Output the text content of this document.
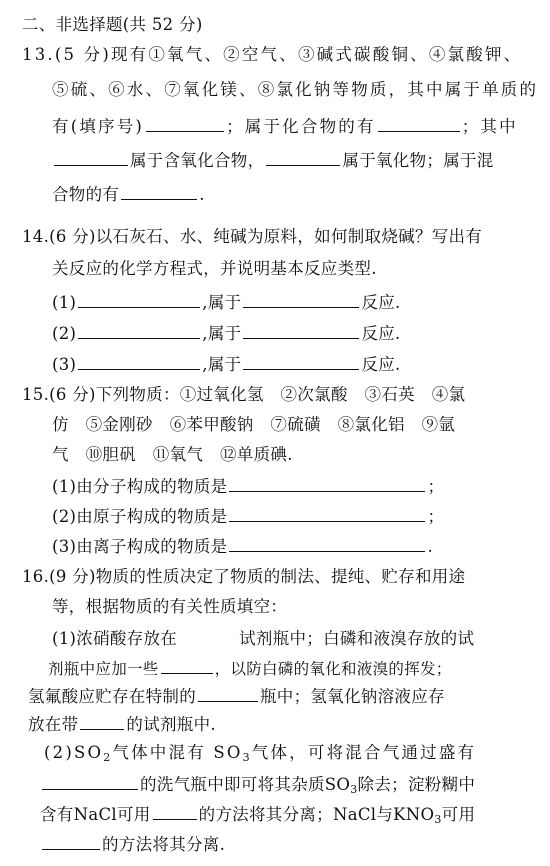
二、非选择题(共 52 分)
13.(5 分)现有①氧气、②空气、③碱式碳酸铜、④氯酸钾、
⑤硫、⑥水、⑦氧化镁、⑧氯化钠等物质，其中属于单质的
有(填序号)	；属于化合物的有	；其中
属于含氧化合物，	属于氧化物；属于混
合物的有	.
14.(6 分)以石灰石、水、纯碱为原料，如何制取烧碱？写出有
关反应的化学方程式，并说明基本反应类型.
(1)	,属于	反应.
(2)	,属于	反应.
(3)	,属于	反应.
15.(6 分)下列物质：①过氧化氢　②次氯酸　③石英　④氯
仿　⑤金刚砂　⑥苯甲酸钠　⑦硫磺　⑧氯化铝　⑨氩
气　⑩胆矾　⑪氧气　⑫单质碘.
(1)由分子构成的物质是	；
(2)由原子构成的物质是	；
(3)由离子构成的物质是	.
16.(9 分)物质的性质决定了物质的制法、提纯、贮存和用途
等，根据物质的有关性质填空：
(1)浓硝酸存放在	试剂瓶中；白磷和液溴存放的试
剂瓶中应加一些	，以防白磷的氧化和液溴的挥发；
氢氟酸应贮存在特制的	瓶中；氢氧化钠溶液应存
放在带	的试剂瓶中.
$(2)SO_2$气体中混有 $SO_3$气体，可将混合气通过盛有
的洗气瓶中即可将其杂质$SO_3$除去；淀粉糊中
含有NaCl可用	的方法将其分离；NaCl与$KNO_3$可用
的方法将其分离.
